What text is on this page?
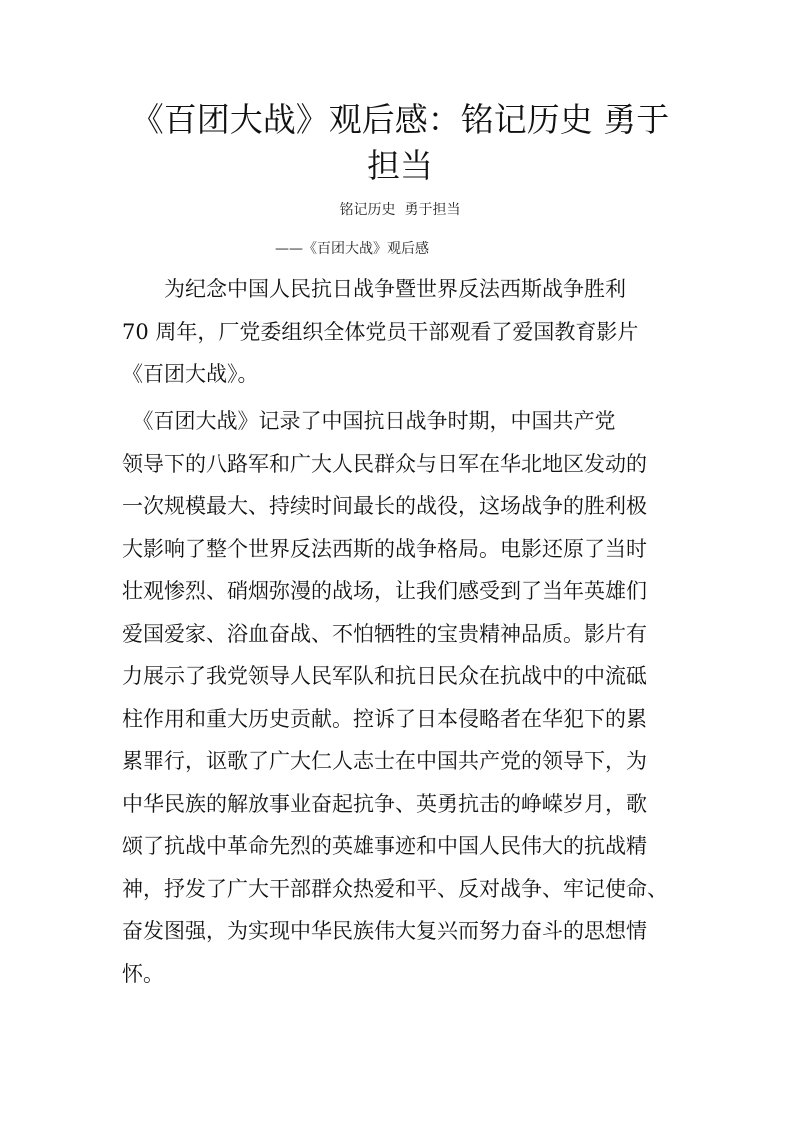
《百团大战》观后感：铭记历史 勇于
担当
铭记历史  勇于担当
——《百团大战》观后感

　　为纪念中国人民抗日战争暨世界反法西斯战争胜利
70 周年，厂党委组织全体党员干部观看了爱国教育影片
《百团大战》。

　《百团大战》记录了中国抗日战争时期，中国共产党
领导下的八路军和广大人民群众与日军在华北地区发动的
一次规模最大、持续时间最长的战役，这场战争的胜利极
大影响了整个世界反法西斯的战争格局。电影还原了当时
壮观惨烈、硝烟弥漫的战场，让我们感受到了当年英雄们
爱国爱家、浴血奋战、不怕牺牲的宝贵精神品质。影片有
力展示了我党领导人民军队和抗日民众在抗战中的中流砥
柱作用和重大历史贡献。控诉了日本侵略者在华犯下的累
累罪行，讴歌了广大仁人志士在中国共产党的领导下，为
中华民族的解放事业奋起抗争、英勇抗击的峥嵘岁月，歌
颂了抗战中革命先烈的英雄事迹和中国人民伟大的抗战精
神，抒发了广大干部群众热爱和平、反对战争、牢记使命、
奋发图强，为实现中华民族伟大复兴而努力奋斗的思想情
怀。
